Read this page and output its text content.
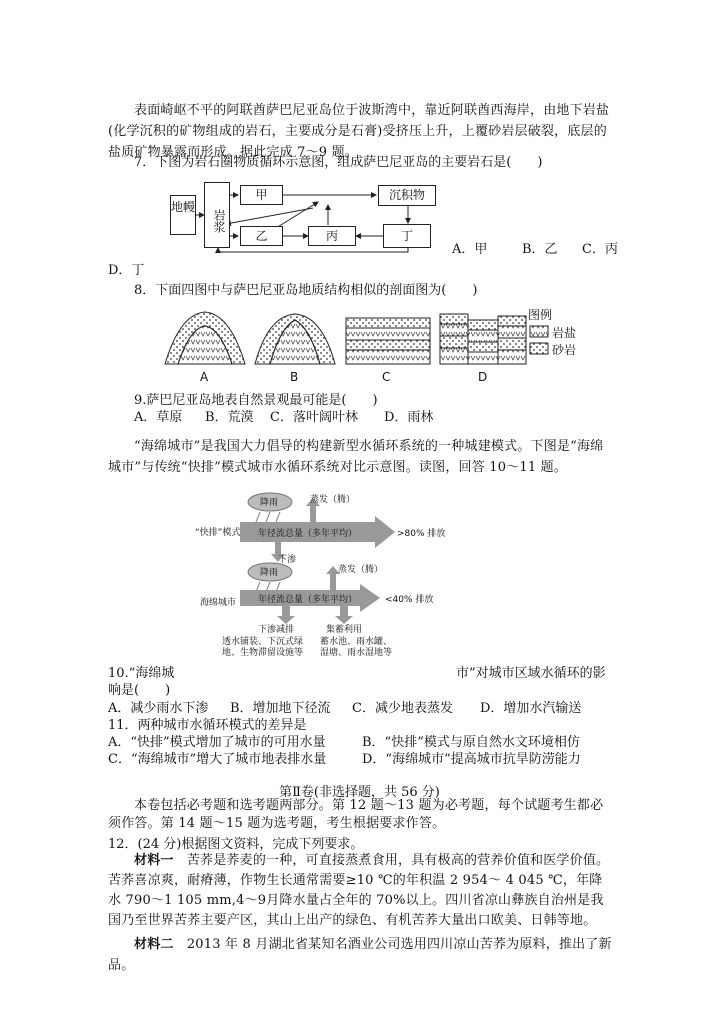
表面崎岖不平的阿联酋萨巴尼亚岛位于波斯湾中，靠近阿联酋西海岸，由地下岩盐(化学沉积的矿物组成的岩石，主要成分是石膏)受挤压上升，上覆砂岩层破裂，底层的盐质矿物暴露而形成。据此完成 7～9 题。
7．下图为岩石圈物质循环示意图，组成萨巴尼亚岛的主要岩石是(　　)
地幔
岩浆
甲
乙	丙	丁
沉积物
A．甲	B．乙 C．丙
D．丁
8．下面四图中与萨巴尼亚岛地质结构相似的剖面图为(　　)
A	B	C	D
图例
岩盐
砂岩
9.萨巴尼亚岛地表自然景观最可能是(　　)
A．草原 B．荒漠 C．落叶阔叶林 D．雨林
“海绵城市”是我国大力倡导的构建新型水循环系统的一种城建模式。下图是“海绵城市”与传统“快排”模式城市水循环系统对比示意图。读图，回答 10～11 题。
降雨	蒸发（腾）
“快排”模式 年径流总量（多年平均）	>80% 排放
下渗
降雨	蒸发（腾）
海绵城市 年径流总量（多年平均）	<40% 排放
下渗减排	集蓄利用
透水铺装、下沉式绿
地、生物滞留设施等
蓄水池、雨水罐、
湿塘、雨水湿地等
10.“海绵城	市”对城市区域水循环的影
响是(　　)
A．减少雨水下渗 B．增加地下径流 C．减少地表蒸发 D．增加水汽输送
11．两种城市水循环模式的差异是
A．“快排”模式增加了城市的可用水量	B．“快排”模式与原自然水文环境相仿
C．“海绵城市”增大了城市地表排水量	D．“海绵城市”提高城市抗旱防涝能力
第Ⅱ卷(非选择题，共 56 分)
本卷包括必考题和选考题两部分。第 12 题～13 题为必考题，每个试题考生都必须作答。第 14 题～15 题为选考题，考生根据要求作答。
12．(24 分)根据图文资料，完成下列要求。
材料一　 苦荞是荞麦的一种，可直接蒸煮食用，具有极高的营养价值和医学价值。苦荞喜凉爽，耐瘠薄，作物生长通常需要≥10 ℃的年积温 2 954～ 4 045 ℃，年降水 790～1 105 mm,4～9月降水量占全年的 70%以上。四川省凉山彝族自治州是我国乃至世界苦荞主要产区，其山上出产的绿色、有机苦荞大量出口欧美、日韩等地。
材料二　 2013 年 8 月湖北省某知名酒业公司选用四川凉山苦荞为原料，推出了新品。
